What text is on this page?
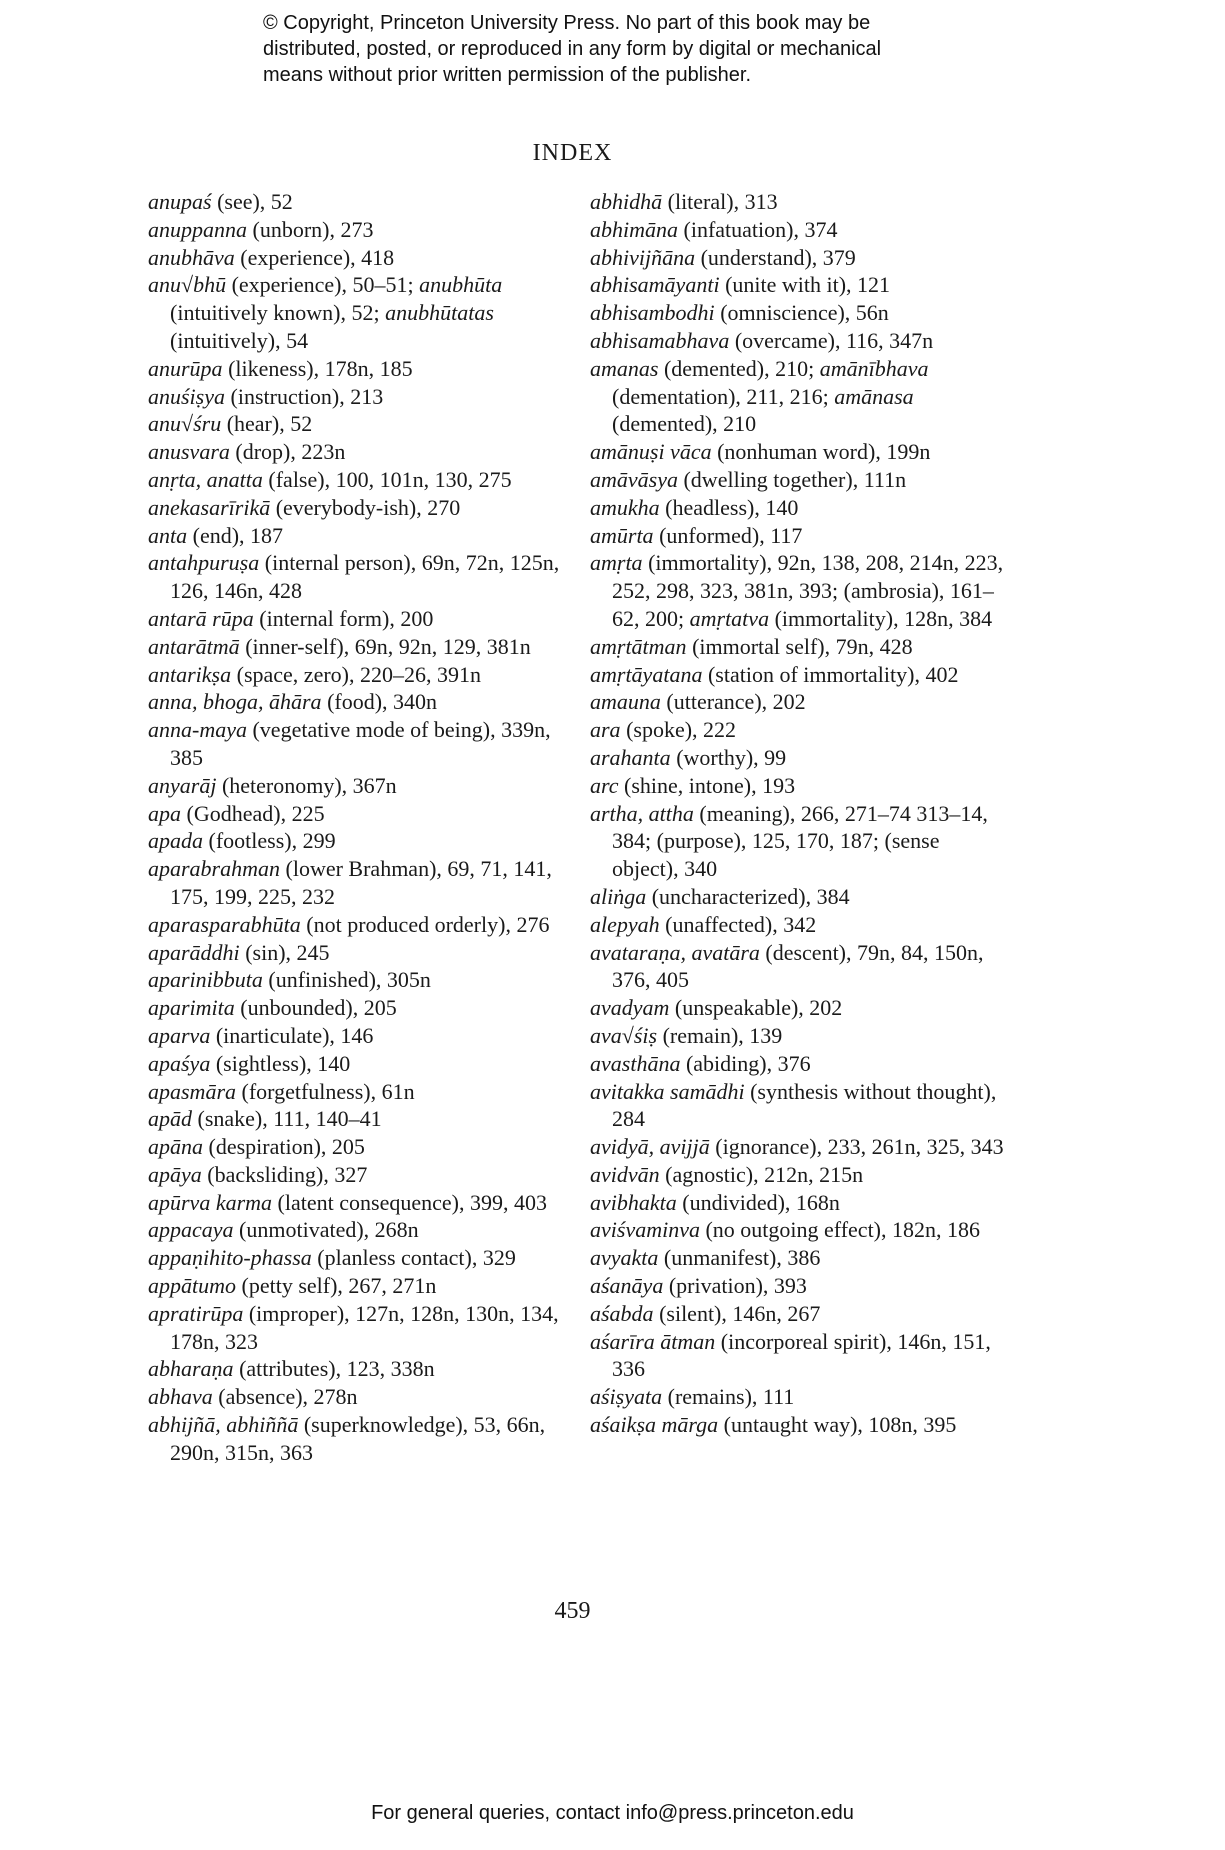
© Copyright, Princeton University Press. No part of this book may be
distributed, posted, or reproduced in any form by digital or mechanical
means without prior written permission of the publisher.
INDEX

anupaś (see), 52

anuppanna (unborn), 273

anubhāva (experience), 418

anu√bhū (experience), 50–51; anubhūta (intuitively known), 52; anubhūtatas (intuitively), 54

anurūpa (likeness), 178n, 185

anuśiṣya (instruction), 213

anu√śru (hear), 52

anusvara (drop), 223n

anṛta, anatta (false), 100, 101n, 130, 275

anekasarīrikā (everybody-ish), 270

anta (end), 187

antahpuruṣa (internal person), 69n, 72n, 125n, 126, 146n, 428

antarā rūpa (internal form), 200

antarātmā (inner-self), 69n, 92n, 129, 381n

antarikṣa (space, zero), 220–26, 391n

anna, bhoga, āhāra (food), 340n

anna-maya (vegetative mode of being), 339n, 385

anyarāj (heteronomy), 367n

apa (Godhead), 225

apada (footless), 299

aparabrahman (lower Brahman), 69, 71, 141, 175, 199, 225, 232

aparasparabhūta (not produced orderly), 276

aparāddhi (sin), 245

aparinibbuta (unfinished), 305n

aparimita (unbounded), 205

aparva (inarticulate), 146

apaśya (sightless), 140

apasmāra (forgetfulness), 61n

apād (snake), 111, 140–41

apāna (despiration), 205

apāya (backsliding), 327

apūrva karma (latent consequence), 399, 403

appacaya (unmotivated), 268n

appaṇihito-phassa (planless contact), 329

appātumo (petty self), 267, 271n

apratirūpa (improper), 127n, 128n, 130n, 134, 178n, 323

abharaṇa (attributes), 123, 338n

abhava (absence), 278n

abhijñā, abhiññā (superknowledge), 53, 66n, 290n, 315n, 363

abhidhā (literal), 313

abhimāna (infatuation), 374

abhivijñāna (understand), 379

abhisamāyanti (unite with it), 121

abhisambodhi (omniscience), 56n

abhisamabhava (overcame), 116, 347n

amanas (demented), 210; amānībhava (dementation), 211, 216; amānasa (demented), 210

amānuṣi vāca (nonhuman word), 199n

amāvāsya (dwelling together), 111n

amukha (headless), 140

amūrta (unformed), 117

amṛta (immortality), 92n, 138, 208, 214n, 223, 252, 298, 323, 381n, 393; (ambrosia), 161–62, 200; amṛtatva (immortality), 128n, 384

amṛtātman (immortal self), 79n, 428

amṛtāyatana (station of immortality), 402

amauna (utterance), 202

ara (spoke), 222

arahanta (worthy), 99

arc (shine, intone), 193

artha, attha (meaning), 266, 271–74 313–14, 384; (purpose), 125, 170, 187; (sense object), 340

aliṅga (uncharacterized), 384

alepyah (unaffected), 342

avataraṇa, avatāra (descent), 79n, 84, 150n, 376, 405

avadyam (unspeakable), 202

ava√śiṣ (remain), 139

avasthāna (abiding), 376

avitakka samādhi (synthesis without thought), 284

avidyā, avijjā (ignorance), 233, 261n, 325, 343

avidvān (agnostic), 212n, 215n

avibhakta (undivided), 168n

aviśvaminva (no outgoing effect), 182n, 186

avyakta (unmanifest), 386

aśanāya (privation), 393

aśabda (silent), 146n, 267

aśarīra ātman (incorporeal spirit), 146n, 151, 336

aśiṣyata (remains), 111

aśaikṣa mārga (untaught way), 108n, 395

459
For general queries, contact info@press.princeton.edu
